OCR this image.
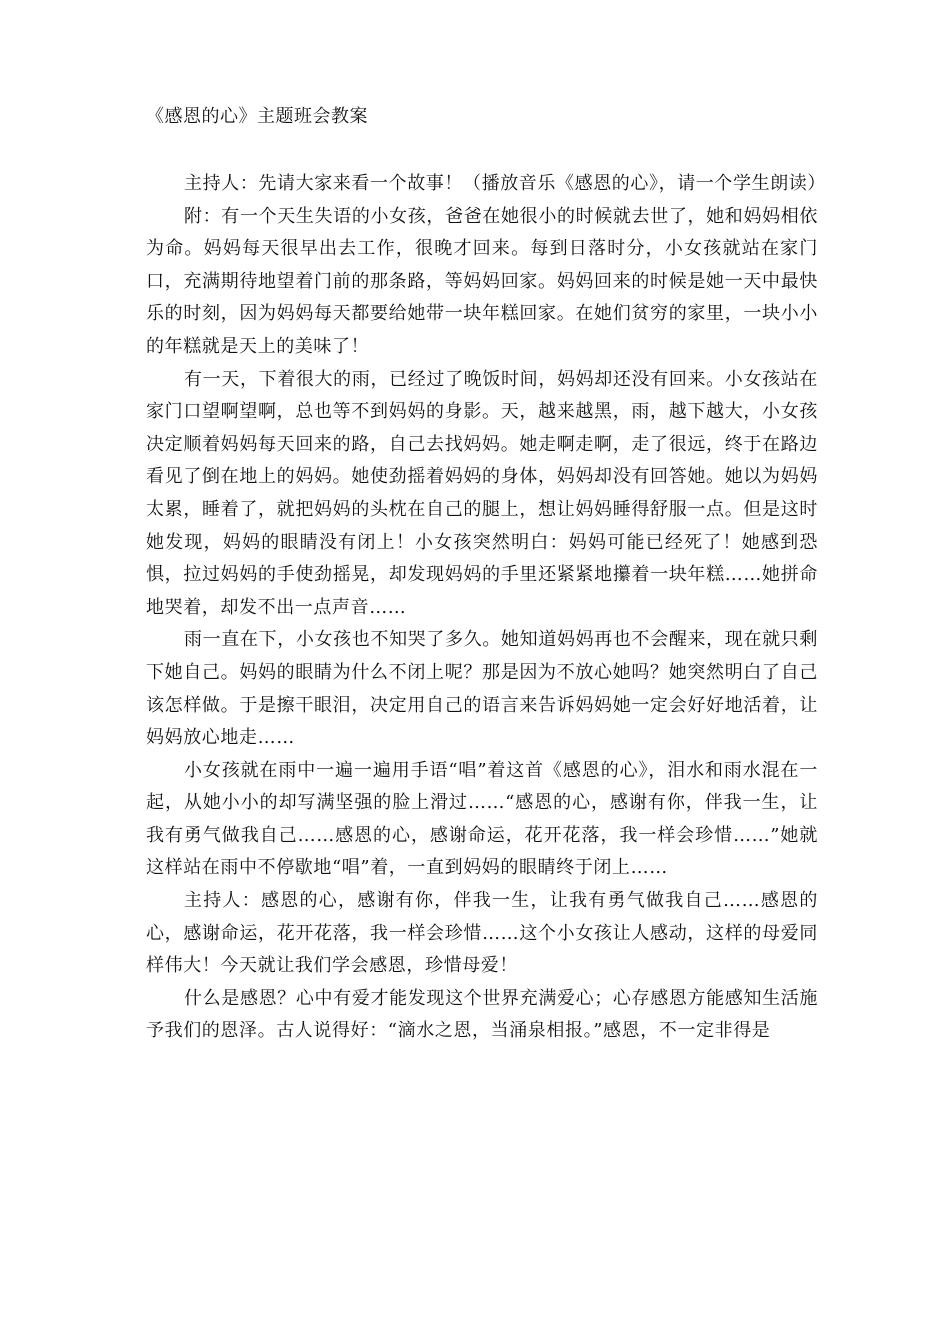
《感恩的心》主题班会教案

主持人：先请大家来看一个故事！（播放音乐《感恩的心》，请一个学生朗读）

附：有一个天生失语的小女孩，爸爸在她很小的时候就去世了，她和妈妈相依为命。妈妈每天很早出去工作，很晚才回来。每到日落时分，小女孩就站在家门口，充满期待地望着门前的那条路，等妈妈回家。妈妈回来的时候是她一天中最快乐的时刻，因为妈妈每天都要给她带一块年糕回家。在她们贫穷的家里，一块小小的年糕就是天上的美味了！

有一天，下着很大的雨，已经过了晚饭时间，妈妈却还没有回来。小女孩站在家门口望啊望啊，总也等不到妈妈的身影。天，越来越黑，雨，越下越大，小女孩决定顺着妈妈每天回来的路，自己去找妈妈。她走啊走啊，走了很远，终于在路边看见了倒在地上的妈妈。她使劲摇着妈妈的身体，妈妈却没有回答她。她以为妈妈太累，睡着了，就把妈妈的头枕在自己的腿上，想让妈妈睡得舒服一点。但是这时她发现，妈妈的眼睛没有闭上！小女孩突然明白：妈妈可能已经死了！她感到恐惧，拉过妈妈的手使劲摇晃，却发现妈妈的手里还紧紧地攥着一块年糕……她拼命地哭着，却发不出一点声音……

雨一直在下，小女孩也不知哭了多久。她知道妈妈再也不会醒来，现在就只剩下她自己。妈妈的眼睛为什么不闭上呢？那是因为不放心她吗？她突然明白了自己该怎样做。于是擦干眼泪，决定用自己的语言来告诉妈妈她一定会好好地活着，让妈妈放心地走……

小女孩就在雨中一遍一遍用手语“唱”着这首《感恩的心》，泪水和雨水混在一起，从她小小的却写满坚强的脸上滑过……“感恩的心，感谢有你，伴我一生，让我有勇气做我自己……感恩的心，感谢命运，花开花落，我一样会珍惜……”她就这样站在雨中不停歇地“唱”着，一直到妈妈的眼睛终于闭上……

主持人：感恩的心，感谢有你，伴我一生，让我有勇气做我自己……感恩的心，感谢命运，花开花落，我一样会珍惜……这个小女孩让人感动，这样的母爱同样伟大！今天就让我们学会感恩，珍惜母爱！

什么是感恩？心中有爱才能发现这个世界充满爱心；心存感恩方能感知生活施予我们的恩泽。古人说得好：“滴水之恩，当涌泉相报。”感恩，不一定非得是
